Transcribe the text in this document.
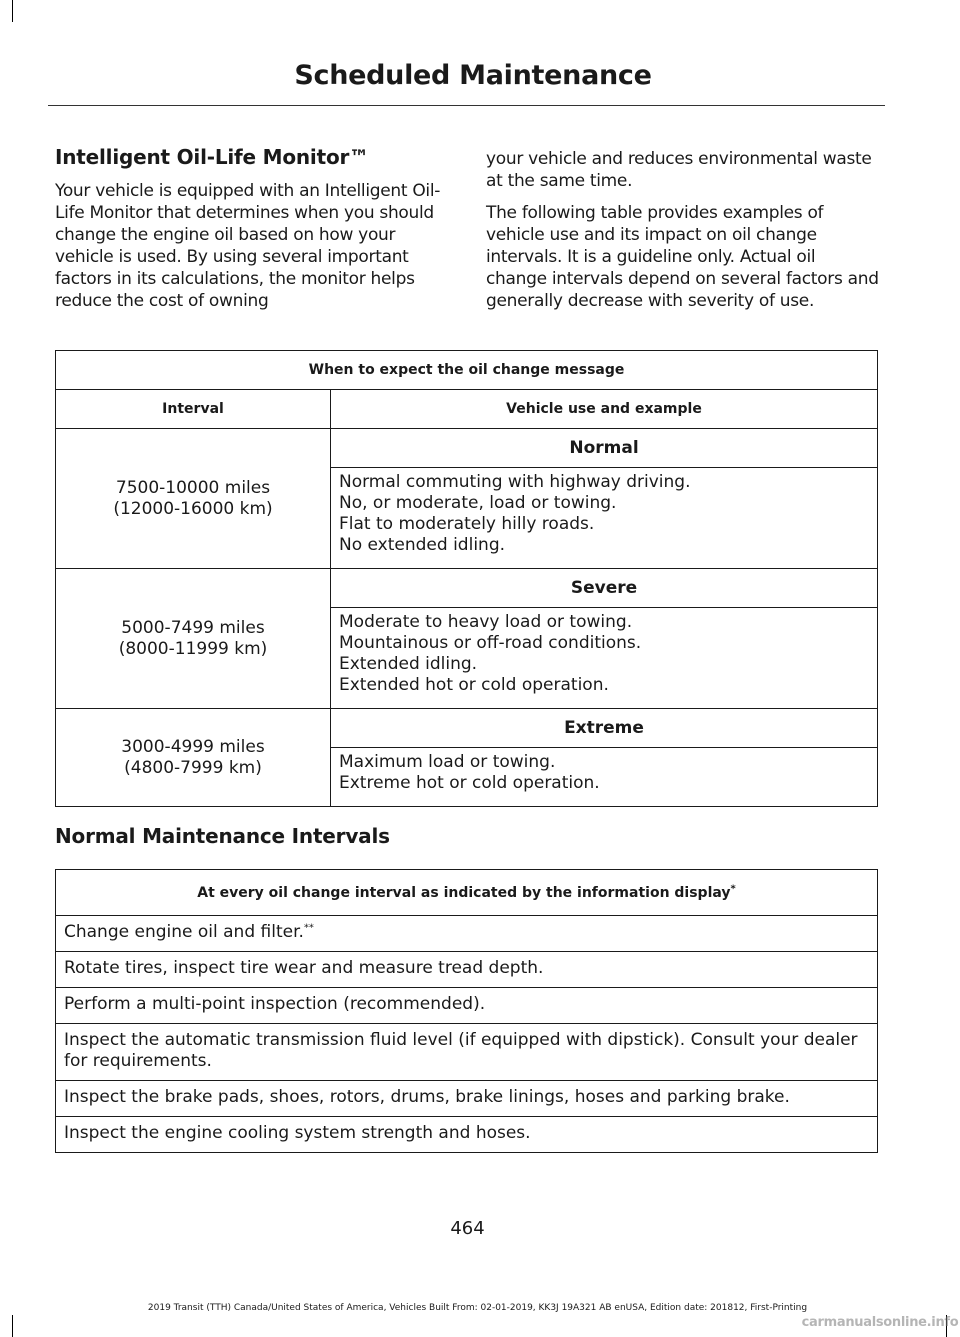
Scheduled Maintenance
Intelligent Oil-Life Monitor™

Your vehicle is equipped with an Intelligent Oil-Life Monitor that determines when you should change the engine oil based on how your vehicle is used. By using several important factors in its calculations, the monitor helps reduce the cost of owning

your vehicle and reduces environmental waste at the same time.

The following table provides examples of vehicle use and its impact on oil change intervals. It is a guideline only. Actual oil change intervals depend on several factors and generally decrease with severity of use.

When to expect the oil change message	
Interval	Vehicle use and example

7500-10000 miles
(12000-16000 km)	Normal

	Normal commuting with highway driving.
No, or moderate, load or towing.
Flat to moderately hilly roads.
No extended idling.

5000-7499 miles
(8000-11999 km)	Severe

	Moderate to heavy load or towing.
Mountainous or off-road conditions.
Extended idling.
Extended hot or cold operation.

3000-4999 miles
(4800-7999 km)	Extreme

	Maximum load or towing.
Extreme hot or cold operation.
Normal Maintenance Intervals
At every oil change interval as indicated by the information display*
Change engine oil and filter.**
Rotate tires, inspect tire wear and measure tread depth.
Perform a multi-point inspection (recommended).
Inspect the automatic transmission fluid level (if equipped with dipstick). Consult your dealer for requirements.
Inspect the brake pads, shoes, rotors, drums, brake linings, hoses and parking brake.
Inspect the engine cooling system strength and hoses.
464
2019 Transit (TTH) Canada/United States of America, Vehicles Built From: 02-01-2019, KK3J 19A321 AB enUSA, Edition date: 201812, First-Printing
carmanualsonline.info
